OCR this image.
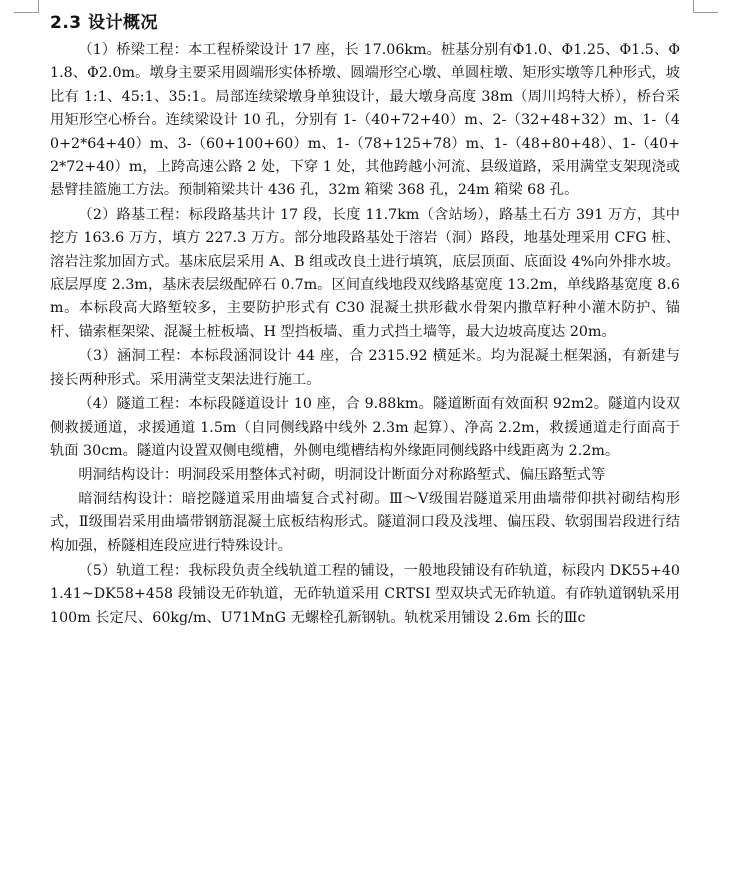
2.3 设计概况

（1）桥梁工程：本工程桥梁设计 17 座，长 17.06km。桩基分别有Φ1.0、Φ1.25、Φ1.5、Φ1.8、Φ2.0m。墩身主要采用圆端形实体桥墩、圆端形空心墩、单圆柱墩、矩形实墩等几种形式，坡比有 1:1、45:1、35:1。局部连续梁墩身单独设计，最大墩身高度 38m（周川坞特大桥），桥台采用矩形空心桥台。连续梁设计 10 孔，分别有 1-（40+72+40）m、2-（32+48+32）m、1-（40+2*64+40）m、3-（60+100+60）m、1-（78+125+78）m、1-（48+80+48）、1-（40+2*72+40）m，上跨高速公路 2 处，下穿 1 处，其他跨越小河流、县级道路，采用满堂支架现浇或悬臂挂篮施工方法。预制箱梁共计 436 孔，32m 箱梁 368 孔，24m 箱梁 68 孔。

（2）路基工程：标段路基共计 17 段，长度 11.7km（含站场），路基土石方 391 万方，其中挖方 163.6 万方，填方 227.3 万方。部分地段路基处于溶岩（洞）路段，地基处理采用 CFG 桩、溶岩注浆加固方式。基床底层采用 A、B 组或改良土进行填筑，底层顶面、底面设 4%向外排水坡。底层厚度 2.3m，基床表层级配碎石 0.7m。区间直线地段双线路基宽度 13.2m，单线路基宽度 8.6m。本标段高大路堑较多，主要防护形式有 C30 混凝土拱形截水骨架内撒草籽种小灌木防护、锚杆、锚索框架梁、混凝土桩板墙、H 型挡板墙、重力式挡土墙等，最大边坡高度达 20m。

（3）涵洞工程：本标段涵洞设计 44 座，合 2315.92 横延米。均为混凝土框架涵，有新建与接长两种形式。采用满堂支架法进行施工。

（4）隧道工程：本标段隧道设计 10 座，合 9.88km。隧道断面有效面积 92m2。隧道内设双侧救援通道，求援通道 1.5m（自同侧线路中线外 2.3m 起算）、净高 2.2m，救援通道走行面高于轨面 30cm。隧道内设置双侧电缆槽，外侧电缆槽结构外缘距同侧线路中线距离为 2.2m。

明洞结构设计：明洞段采用整体式衬砌，明洞设计断面分对称路堑式、偏压路堑式等

暗洞结构设计：暗挖隧道采用曲墙复合式衬砌。Ⅲ～Ⅴ级围岩隧道采用曲墙带仰拱衬砌结构形式，Ⅱ级围岩采用曲墙带钢筋混凝土底板结构形式。隧道洞口段及浅埋、偏压段、软弱围岩段进行结构加强，桥隧相连段应进行特殊设计。

（5）轨道工程：我标段负责全线轨道工程的铺设，一般地段铺设有砟轨道，标段内 DK55+401.41~DK58+458 段铺设无砟轨道，无砟轨道采用 CRTSI 型双块式无砟轨道。有砟轨道钢轨采用 100m 长定尺、60kg/m、U71MnG 无螺栓孔新钢轨。轨枕采用铺设 2.6m 长的Ⅲc
